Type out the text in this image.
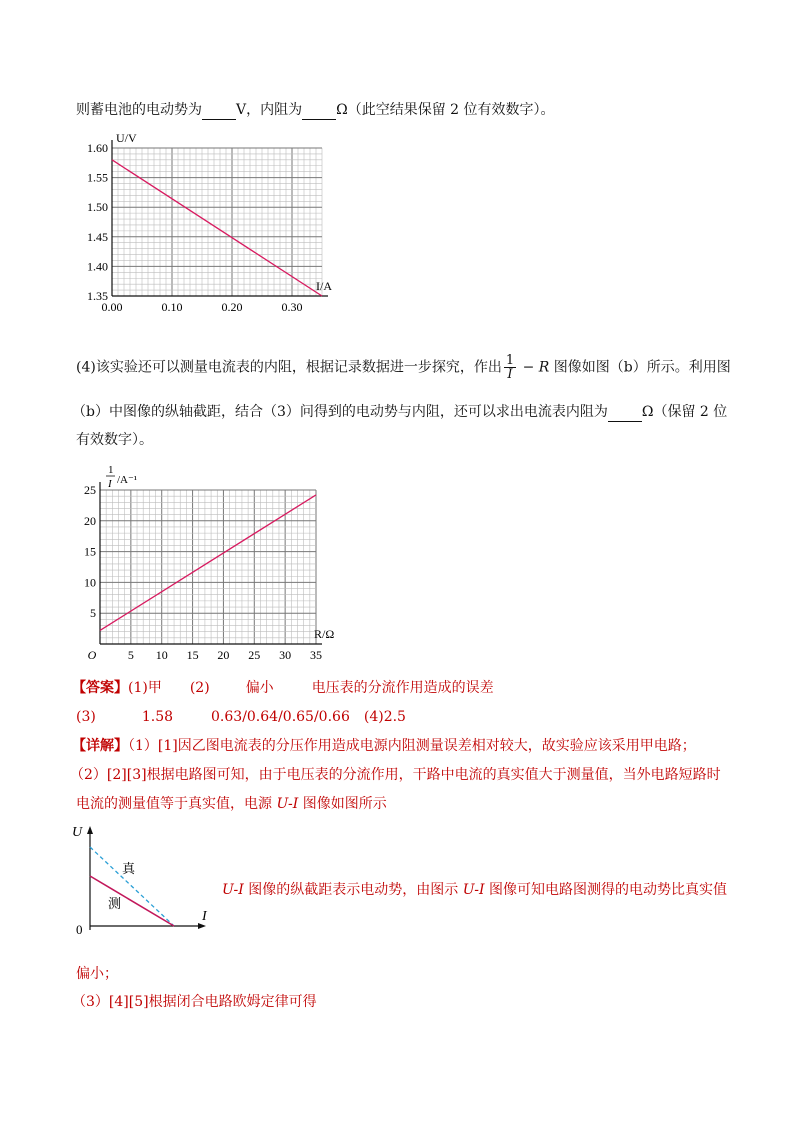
则蓄电池的电动势为 V，内阻为 Ω（此空结果保留 2 位有效数字）。
0.00	0.10	0.20	0.30
1.35
1.40
1.45
1.50
1.55
1.60
U/V
I/A
(4)该实验还可以测量电流表的内阻，根据记录数据进一步探究，作出 $\frac{1}{I} - R$ 图像如图（b）所示。利用图
（b）中图像的纵轴截距，结合（3）问得到的电动势与内阻，还可以求出电流表内阻为 Ω（保留 2 位
有效数字）。
O	5 10 15 20 25 30 35
5
10
15
20
25
1
I /A⁻¹
R/Ω
【答案】(1)甲 (2)	偏小	电压表的分流作用造成的误差
(3)	1.58	0.63/0.64/0.65/0.66 (4)2.5
【详解】（1）[1]因乙图电流表的分压作用造成电源内阻测量误差相对较大，故实验应该采用甲电路；
（2）[2][3]根据电路图可知，由于电压表的分流作用，干路中电流的真实值大于测量值，当外电路短路时
电流的测量值等于真实值，电源 U-I 图像如图所示
U
I
0
真
测
U-I 图像的纵截距表示电动势，由图示 U-I 图像可知电路图测得的电动势比真实值
偏小；
（3）[4][5]根据闭合电路欧姆定律可得
